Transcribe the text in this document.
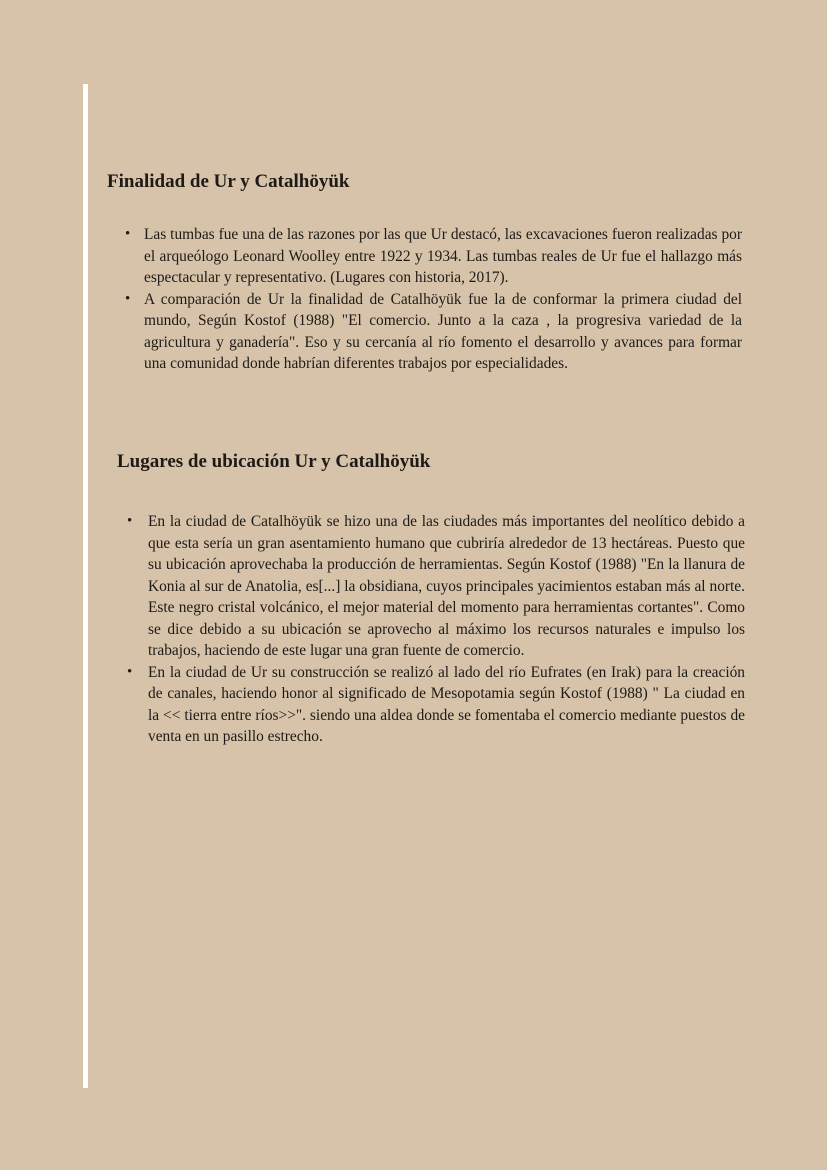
Finalidad de Ur y Catalhöyük
• Las tumbas fue una de las razones por las que Ur destacó, las excavaciones fueron realizadas por el arqueólogo Leonard Woolley entre 1922 y 1934. Las tumbas reales de Ur fue el hallazgo más espectacular y representativo. (Lugares con historia, 2017).
• A comparación de Ur la finalidad de Catalhöyük fue la de conformar la primera ciudad del mundo, Según Kostof (1988) "El comercio. Junto a la caza , la progresiva variedad de la agricultura y ganadería". Eso y su cercanía al río fomento el desarrollo y avances para formar una comunidad donde habrían diferentes trabajos por especialidades.
Lugares de ubicación Ur y Catalhöyük
• En la ciudad de Catalhöyük se hizo una de las ciudades más importantes del neolítico debido a que esta sería un gran asentamiento humano que cubriría alrededor de 13 hectáreas. Puesto que su ubicación aprovechaba la producción de herramientas. Según Kostof (1988) "En la llanura de Konia al sur de Anatolia, es[...] la obsidiana, cuyos principales yacimientos estaban más al norte. Este negro cristal volcánico, el mejor material del momento para herramientas cortantes". Como se dice debido a su ubicación se aprovecho al máximo los recursos naturales e impulso los trabajos, haciendo de este lugar una gran fuente de comercio.
• En la ciudad de Ur su construcción se realizó al lado del río Eufrates (en Irak) para la creación de canales, haciendo honor al significado de Mesopotamia según Kostof (1988) " La ciudad en la << tierra entre ríos>>". siendo una aldea donde se fomentaba el comercio mediante puestos de venta en un pasillo estrecho.
